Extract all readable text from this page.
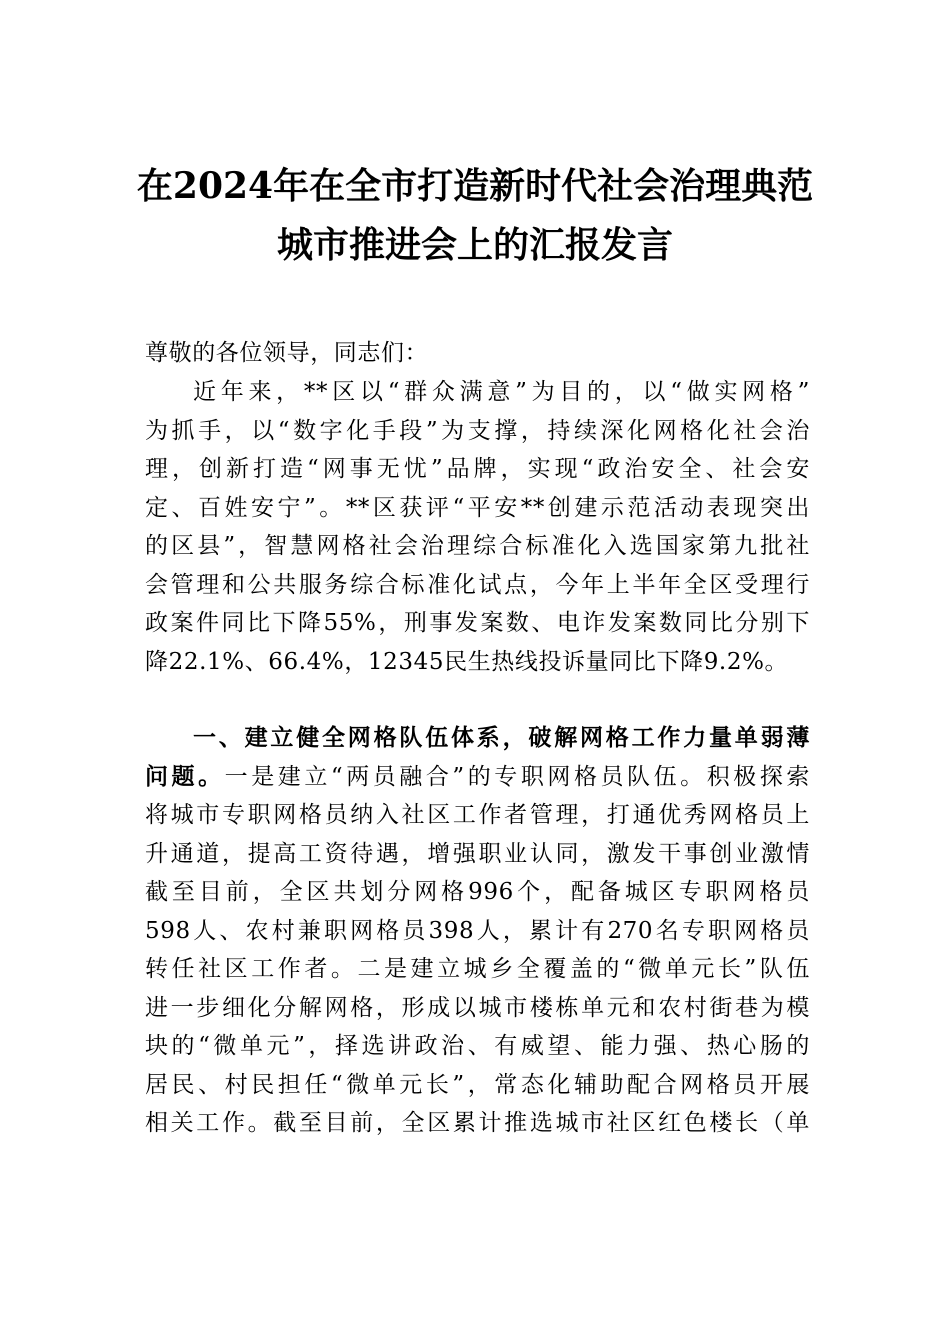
在2024年在全市打造新时代社会治理典范
城市推进会上的汇报发言
尊敬的各位领导，同志们：
近年来，**区以“群众满意”为目的，以“做实网格”
为抓手，以“数字化手段”为支撑，持续深化网格化社会治
理，创新打造“网事无忧”品牌，实现“政治安全、社会安
定、百姓安宁”。**区获评“平安**创建示范活动表现突出
的区县”，智慧网格社会治理综合标准化入选国家第九批社
会管理和公共服务综合标准化试点，今年上半年全区受理行
政案件同比下降55%，刑事发案数、电诈发案数同比分别下
降22.1%、66.4%，12345民生热线投诉量同比下降9.2%。
一、建立健全网格队伍体系，破解网格工作力量单弱薄
问题。一是建立“两员融合”的专职网格员队伍。积极探索
将城市专职网格员纳入社区工作者管理，打通优秀网格员上
升通道，提高工资待遇，增强职业认同，激发干事创业激情
截至目前，全区共划分网格996个，配备城区专职网格员
598人、农村兼职网格员398人，累计有270名专职网格员
转任社区工作者。二是建立城乡全覆盖的“微单元长”队伍
进一步细化分解网格，形成以城市楼栋单元和农村街巷为模
块的“微单元”，择选讲政治、有威望、能力强、热心肠的
居民、村民担任“微单元长”，常态化辅助配合网格员开展
相关工作。截至目前，全区累计推选城市社区红色楼长（单
